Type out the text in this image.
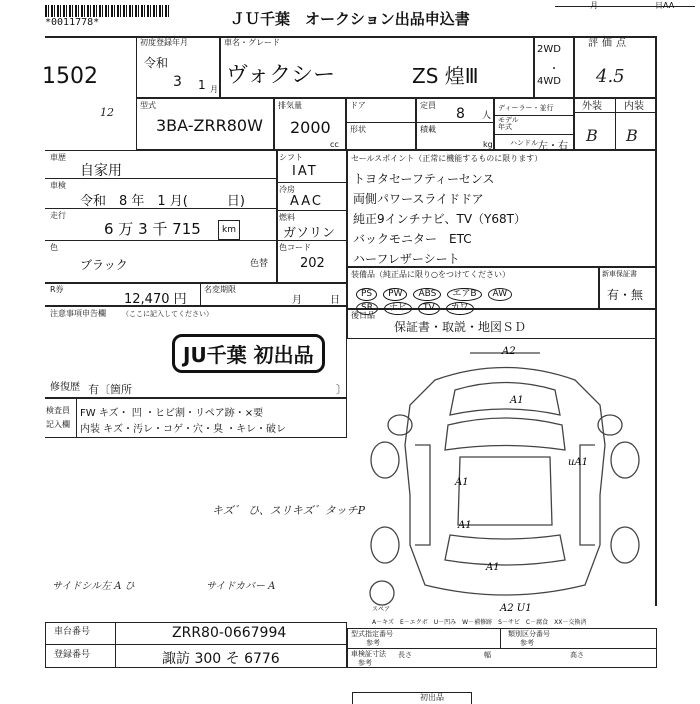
*0011778*	ＪＵ千葉　オークション出品申込書
月	日AA
1502
12
初度登録年月
令和
3 1 月
車名・グレード
ヴォクシー	ZS 煌Ⅲ
2WD
・
4WD
評価点
4.5
型式
3BA-ZRR80W
排気量
2000
cc
ドア
形状
定員
8 人
積載
kg
ディーラー・並行
モデル
年式
ハンドル 左・右
外装 内装
B B
車歴
自家用
車検
令和　8 年　1 月(　　　日)
走行
6 万 3 千 715 km
色
ブラック	色替
シフト
IAT
冷房
AAC
燃料
ガソリン
色コード
202
R券
12,470 円
名変期限
月	日
セールスポイント（正常に機能するものに限ります）
トヨタセーフティーセンス
両側パワースライドドア
純正9インチナビ、TV（Y68T）
バックモニター　ETC
ハーフレザーシート
装備品（純正品に限り○をつけてください）
PS PW ABS エアB AW
SR ナビ TV カワ
新車保証書
有・無
後日品
保証書・取説・地図ＳＤ
注意事項申告欄 （ここに記入してください）
JU千葉 初出品
修復歴 有〔箇所	〕
検査員
記入欄
FW キズ・ 凹 ・ヒビ割・リペア跡・×要
内装 キズ・汚レ・コゲ・穴・臭 ・キレ・破レ
キズ゛ ひ、スリキズ゛タッチP
サイドシル左 A ひ	サイドカバー A
A2
A1
A1
uA1
A1
A1
A2 U1
スペア
A－キズ　E－エクボ　U－凹み　W－補修跡　S－サビ　C－腐食　XX－交換済
車台番号	ZRR80-0667994
登録番号	諏訪 300 そ 6776
型式指定番号
参考
類別区分番号
参考
車検証寸法
参考
長さ	幅	高さ
初出品
